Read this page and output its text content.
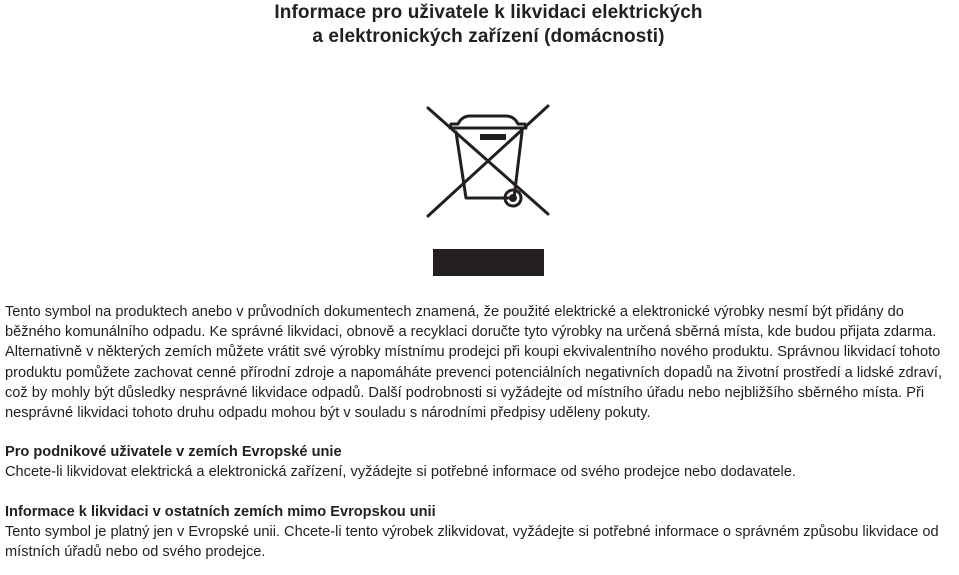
Informace pro uživatele k likvidaci elektrických
a elektronických zařízení (domácnosti)

Tento symbol na produktech anebo v průvodních dokumentech znamená, že použité elektrické a elektronické výrobky nesmí být přidány do běžného komunálního odpadu. Ke správné likvidaci, obnově a recyklaci doručte tyto výrobky na určená sběrná místa, kde budou přijata zdarma. Alternativně v některých zemích můžete vrátit své výrobky místnímu prodejci při koupi ekvivalentního nového produktu. Správnou likvidací tohoto produktu pomůžete zachovat cenné přírodní zdroje a napomáháte prevenci potenciálních negativních dopadů na životní prostředí a lidské zdraví, což by mohly být důsledky nesprávné likvidace odpadů. Další podrobnosti si vyžádejte od místního úřadu nebo nejbližšího sběrného místa. Při nesprávné likvidaci tohoto druhu odpadu mohou být v souladu s národními předpisy uděleny pokuty.

Pro podnikové uživatele v zemích Evropské unie

Chcete-li likvidovat elektrická a elektronická zařízení, vyžádejte si potřebné informace od svého prodejce nebo dodavatele.

Informace k likvidaci v ostatních zemích mimo Evropskou unii

Tento symbol je platný jen v Evropské unii. Chcete-li tento výrobek zlikvidovat, vyžádejte si potřebné informace o správném způsobu likvidace od místních úřadů nebo od svého prodejce.
